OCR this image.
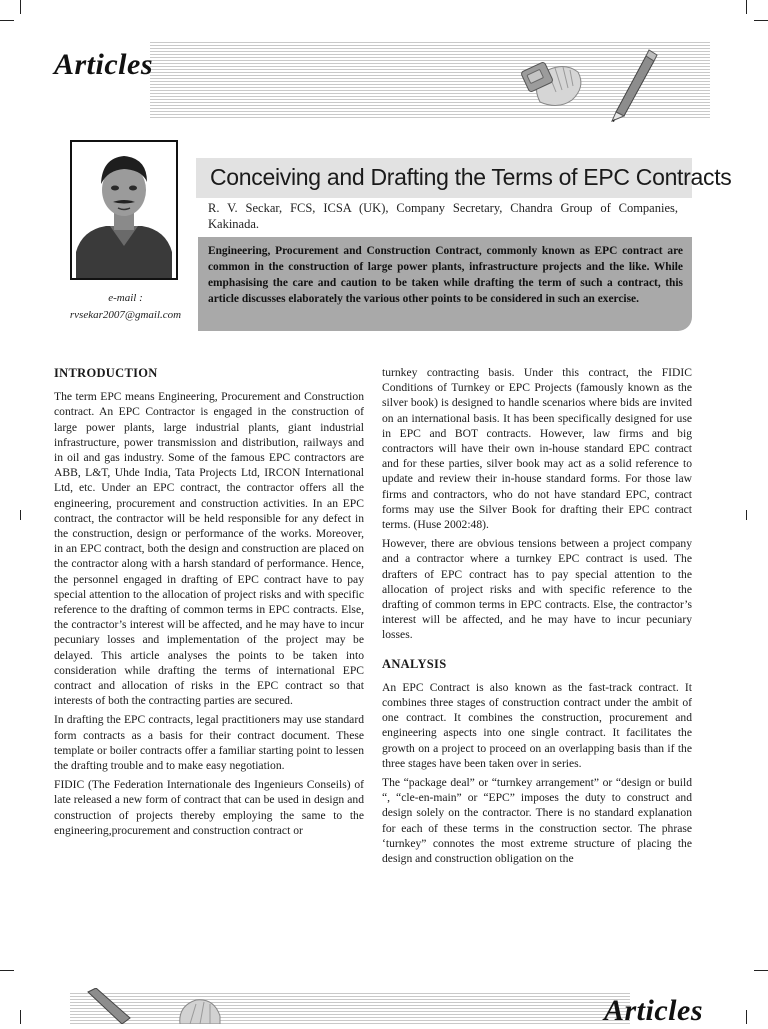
Articles
e-mail :
rvsekar2007@gmail.com
Conceiving and Drafting the Terms of EPC Contracts
R. V. Seckar, FCS, ICSA (UK), Company Secretary, Chandra Group of Companies, Kakinada.
Engineering, Procurement and Construction Contract, commonly known as EPC contract are common in the construction of large power plants, infrastructure projects and the like. While emphasising the care and caution to be taken while drafting the term of such a contract, this article discusses elaborately the various other points to be considered in such an exercise.
INTRODUCTION

The term EPC means Engineering, Procurement and Construction contract. An EPC Contractor is engaged in the construction of large power plants, large industrial plants, giant industrial infrastructure, power transmission and distribution, railways and in oil and gas industry. Some of the famous EPC contractors are ABB, L&T, Uhde India, Tata Projects Ltd, IRCON International Ltd, etc. Under an EPC contract, the contractor offers all the engineering, procurement and construction activities. In an EPC contract, the contractor will be held responsible for any defect in the construction, design or performance of the works. Moreover, in an EPC contract, both the design and construction are placed on the contractor along with a harsh standard of performance. Hence, the personnel engaged in drafting of EPC contract have to pay special attention to the allocation of project risks and with specific reference to the drafting of common terms in EPC contracts. Else, the contractor’s interest will be affected, and he may have to incur pecuniary losses and implementation of the project may be delayed. This article analyses the points to be taken into consideration while drafting the terms of international EPC contract and allocation of risks in the EPC contract so that interests of both the contracting parties are secured.

In drafting the EPC contracts, legal practitioners may use standard form contracts as a basis for their contract document. These template or boiler contracts offer a familiar starting point to lessen the drafting trouble and to make easy negotiation.

FIDIC (The Federation Internationale des Ingenieurs Conseils) of late released a new form of contract that can be used in design and construction of projects thereby employing the same to the engineering,procurement and construction contract or

turnkey contracting basis. Under this contract, the FIDIC Conditions of Turnkey or EPC Projects (famously known as the silver book) is designed to handle scenarios where bids are invited on an international basis. It has been specifically designed for use in EPC and BOT contracts. However, law firms and big contractors will have their own in-house standard EPC contract and for these parties, silver book may act as a solid reference to update and review their in-house standard forms. For those law firms and contractors, who do not have standard EPC, contract forms may use the Silver Book for drafting their EPC contract terms. (Huse 2002:48).

However, there are obvious tensions between a project company and a contractor where a turnkey EPC contract is used. The drafters of EPC contract has to pay special attention to the allocation of project risks and with specific reference to the drafting of common terms in EPC contracts. Else, the contractor’s interest will be affected, and he may have to incur pecuniary losses.

ANALYSIS

An EPC Contract is also known as the fast-track contract. It combines three stages of construction contract under the ambit of one contract. It combines the construction, procurement and engineering aspects into one single contract. It facilitates the growth on a project to proceed on an overlapping basis than if the three stages have been taken over in series.

The “package deal” or “turnkey arrangement” or “design or build “, “cle-en-main” or “EPC” imposes the duty to construct and design solely on the contractor. There is no standard explanation for each of these terms in the construction sector. The phrase ‘turnkey” connotes the most extreme structure of placing the design and construction obligation on the

Articles
